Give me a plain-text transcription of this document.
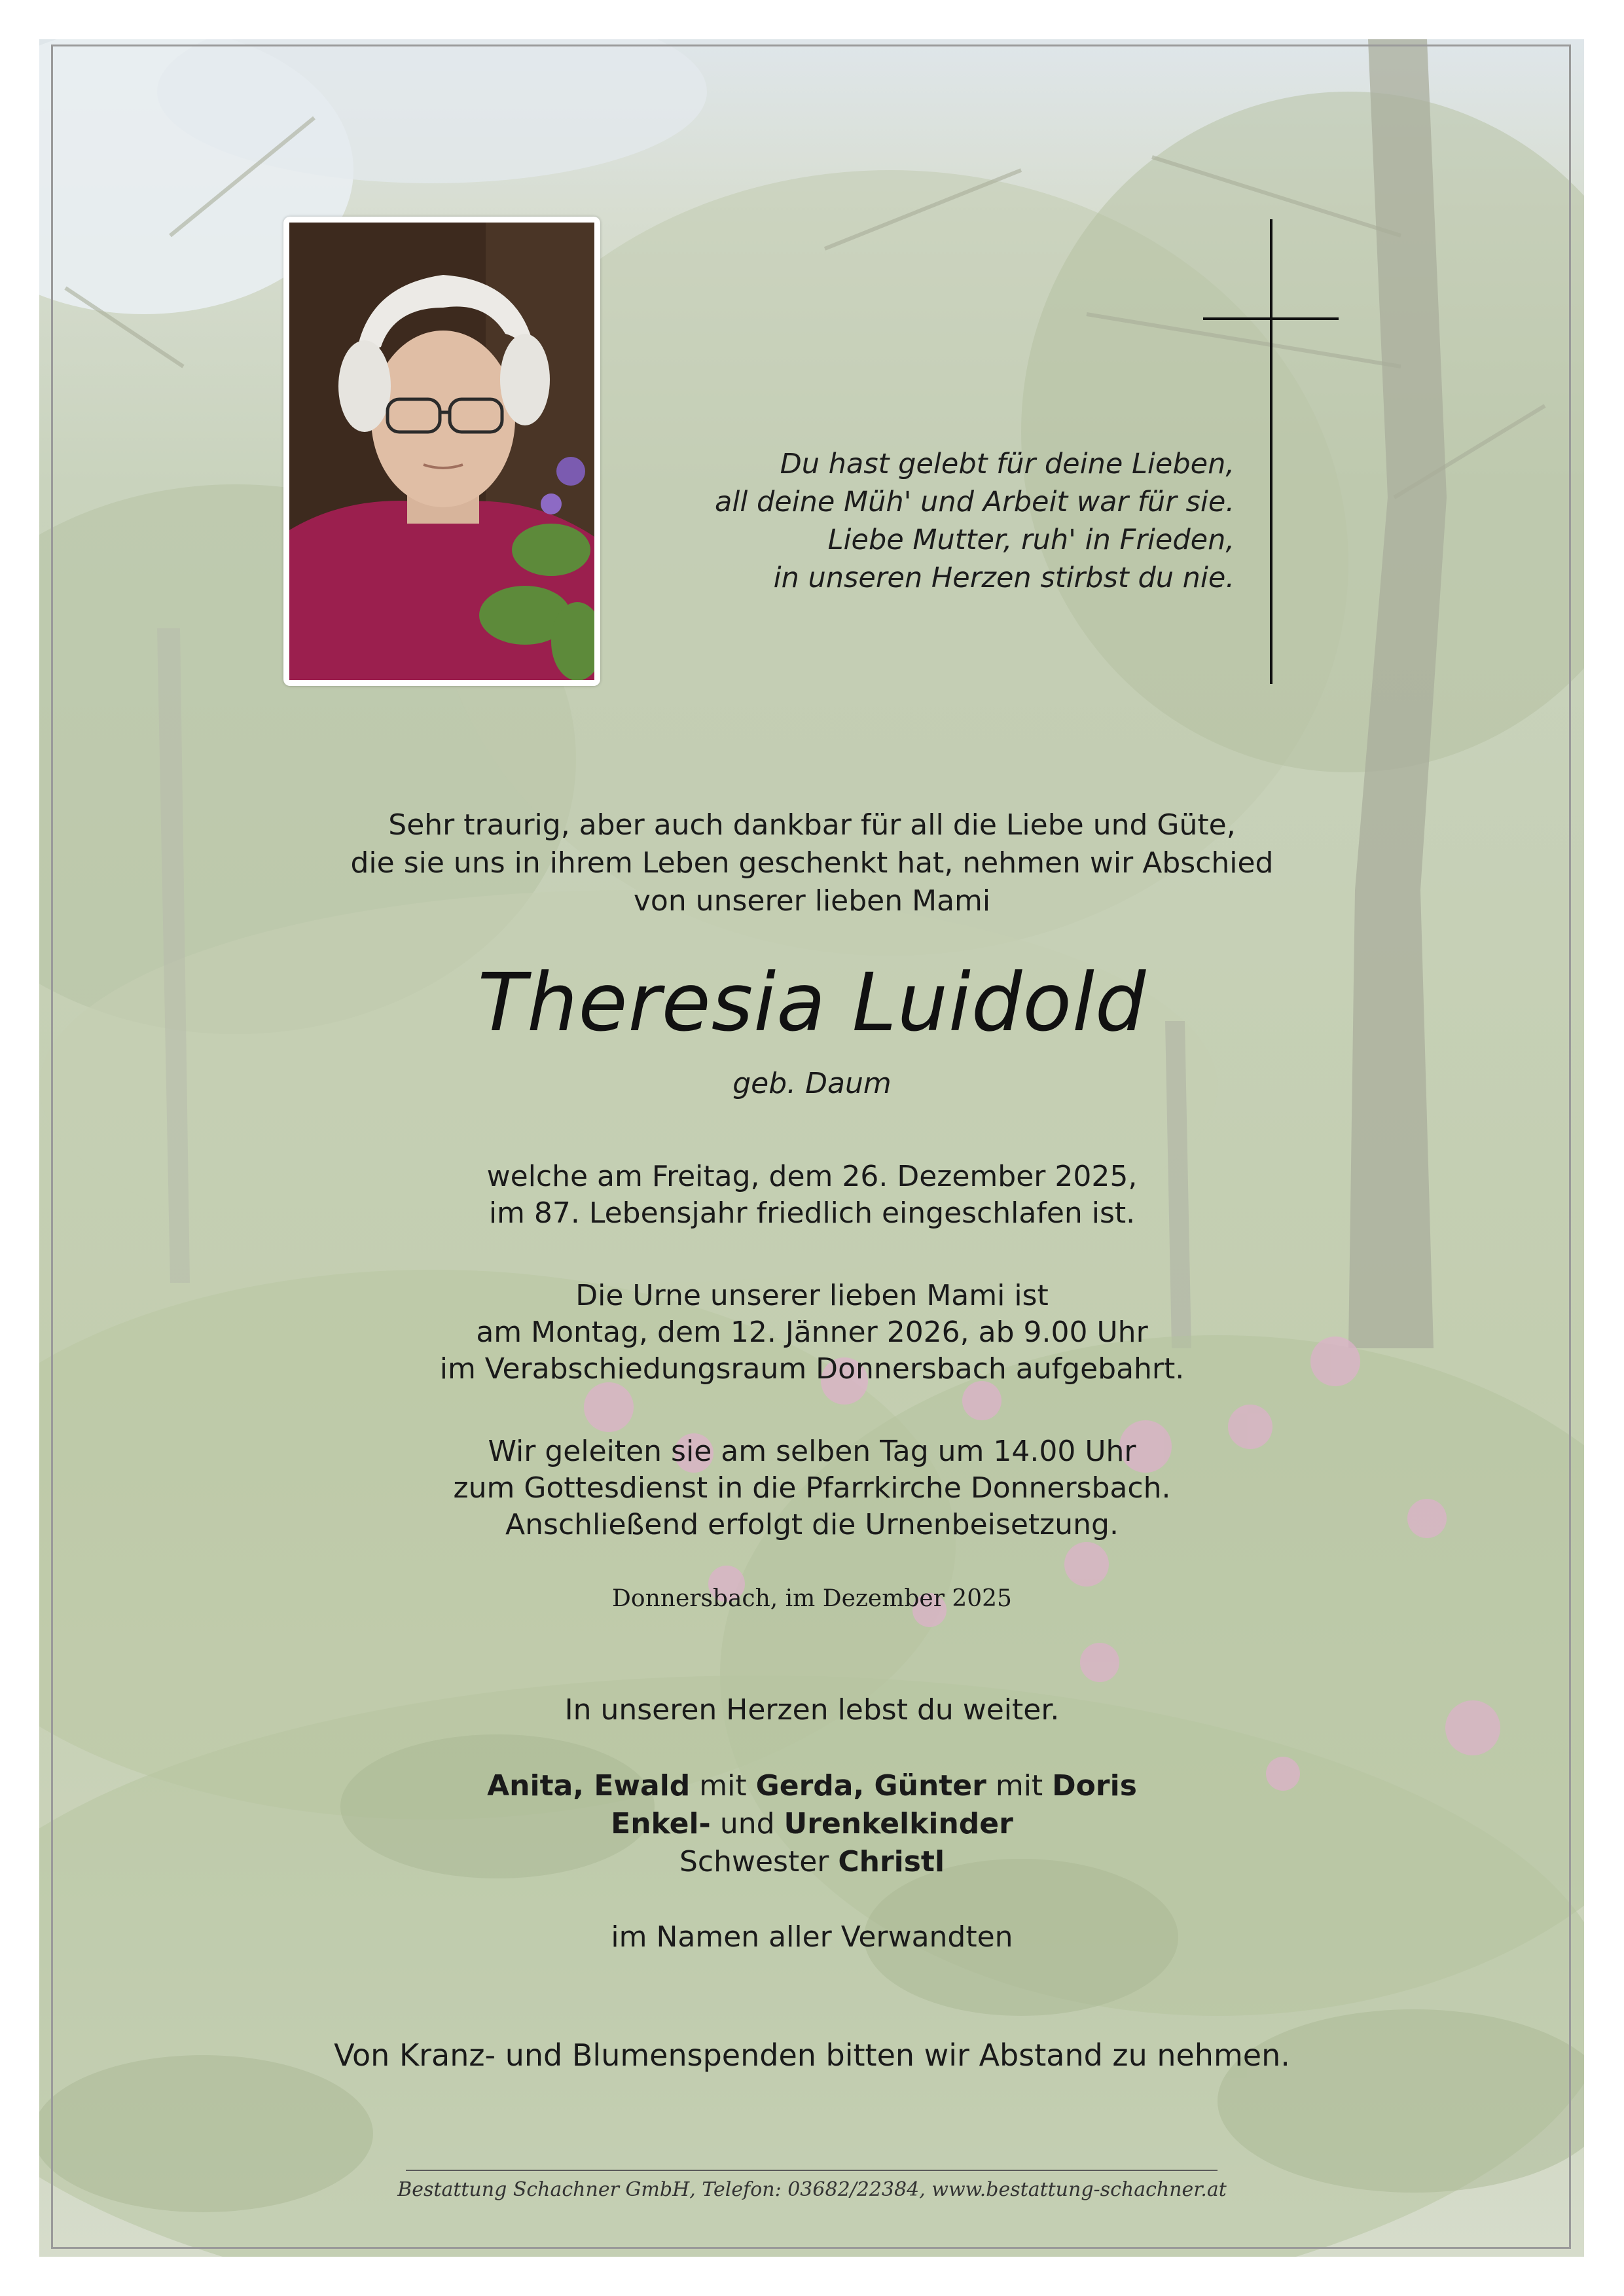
Du hast gelebt für deine Lieben,
all deine Müh' und Arbeit war für sie.
Liebe Mutter, ruh' in Frieden,
in unseren Herzen stirbst du nie.
Sehr traurig, aber auch dankbar für all die Liebe und Güte,
die sie uns in ihrem Leben geschenkt hat, nehmen wir Abschied
von unserer lieben Mami
Theresia Luidold
geb. Daum
welche am Freitag, dem 26. Dezember 2025,
im 87. Lebensjahr friedlich eingeschlafen ist.
Die Urne unserer lieben Mami ist
am Montag, dem 12. Jänner 2026, ab 9.00 Uhr
im Verabschiedungsraum Donnersbach aufgebahrt.
Wir geleiten sie am selben Tag um 14.00 Uhr
zum Gottesdienst in die Pfarrkirche Donnersbach.
Anschließend erfolgt die Urnenbeisetzung.
Donnersbach, im Dezember 2025
In unseren Herzen lebst du weiter.
Anita, Ewald mit Gerda, Günter mit Doris
Enkel- und Urenkelkinder
Schwester Christl
im Namen aller Verwandten
Von Kranz- und Blumenspenden bitten wir Abstand zu nehmen.
Bestattung Schachner GmbH, Telefon: 03682/22384, www.bestattung-schachner.at
